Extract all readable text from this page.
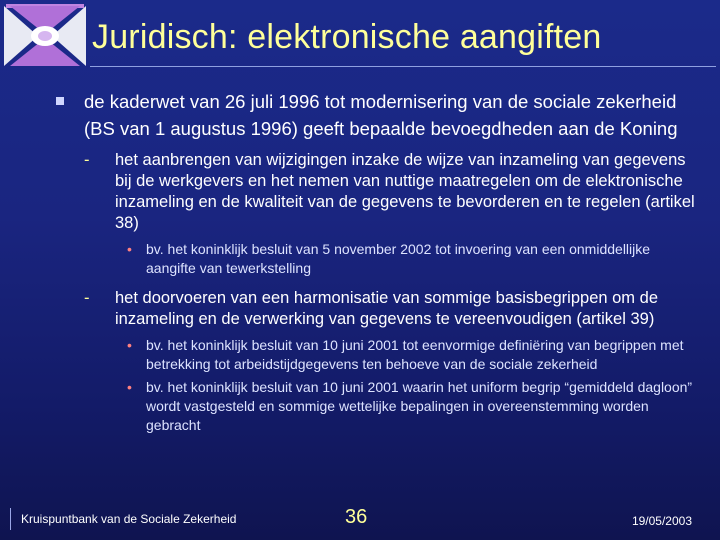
Juridisch: elektronische aangiften
de kaderwet van 26 juli 1996 tot modernisering van de sociale zekerheid (BS van 1 augustus 1996) geeft bepaalde bevoegdheden aan de Koning
- het aanbrengen van wijzigingen inzake de wijze van inzameling van gegevens bij de werkgevers en het nemen van nuttige maatregelen om de elektronische inzameling en de kwaliteit van de gegevens te bevorderen en te regelen (artikel 38)
• bv. het koninklijk besluit van 5 november 2002 tot invoering van een onmiddellijke aangifte van tewerkstelling
- het doorvoeren van een harmonisatie van sommige basisbegrippen om de inzameling en de verwerking van gegevens te vereenvoudigen (artikel 39)
• bv. het koninklijk besluit van 10 juni 2001 tot eenvormige definiëring van begrippen met betrekking tot arbeidstijdgegevens ten behoeve van de sociale zekerheid
• bv. het koninklijk besluit van 10 juni 2001 waarin het uniform begrip “gemiddeld dagloon” wordt vastgesteld en sommige wettelijke bepalingen in overeenstemming worden gebracht
Kruispuntbank van de Sociale Zekerheid	36	19/05/2003
